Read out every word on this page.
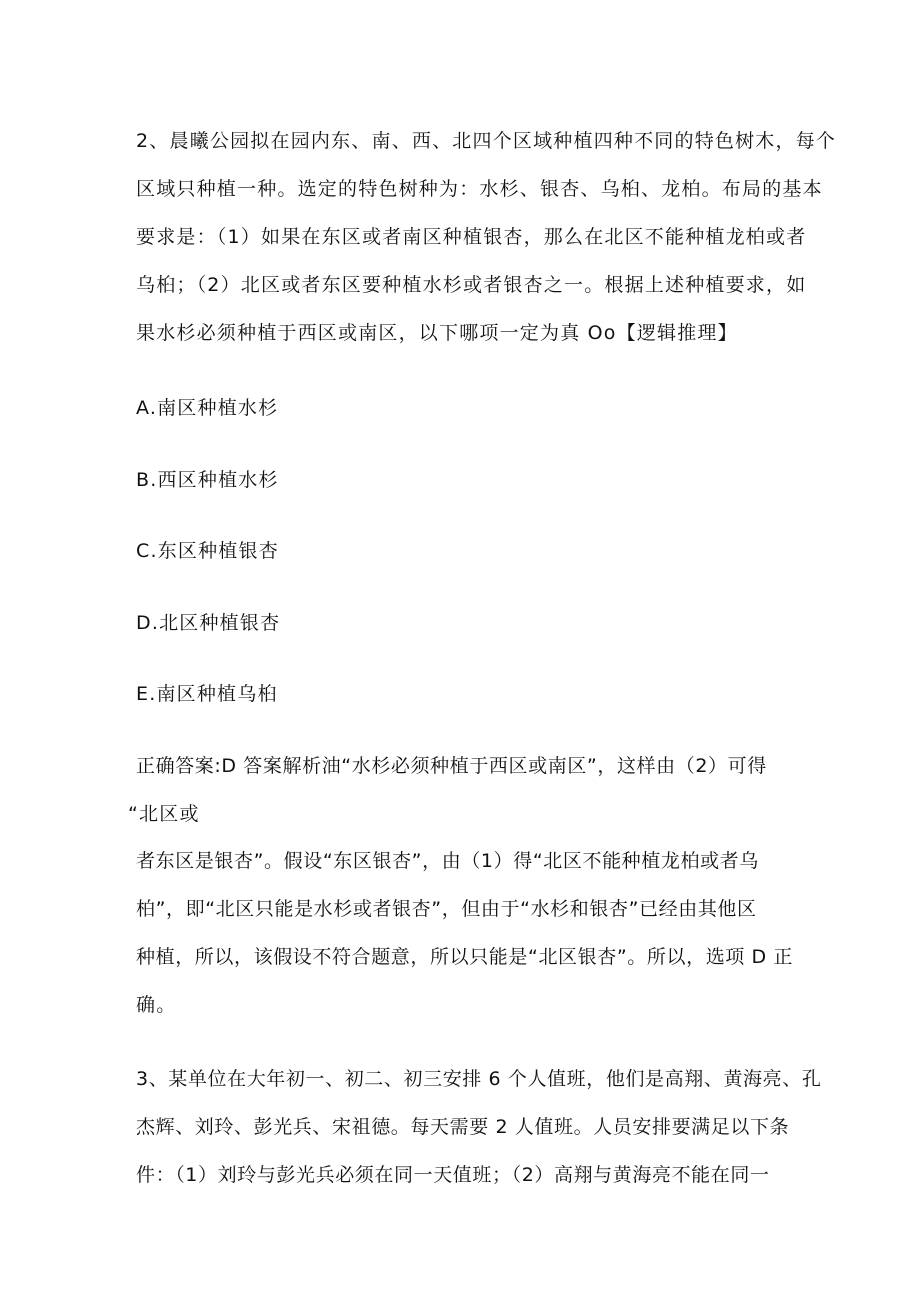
2、晨曦公园拟在园内东、南、西、北四个区域种植四种不同的特色树木，每个
区域只种植一种。选定的特色树种为：水杉、银杏、乌桕、龙柏。布局的基本
要求是：（1）如果在东区或者南区种植银杏，那么在北区不能种植龙柏或者
乌桕；（2）北区或者东区要种植水杉或者银杏之一。根据上述种植要求，如
果水杉必须种植于西区或南区，以下哪项一定为真 Oo【逻辑推理】
A.南区种植水杉
B.西区种植水杉
C.东区种植银杏
D.北区种植银杏
E.南区种植乌桕
正确答案:D 答案解析油“水杉必须种植于西区或南区”，这样由（2）可得
“北区或
者东区是银杏”。假设“东区银杏”，由（1）得“北区不能种植龙柏或者乌
柏”，即“北区只能是水杉或者银杏”，但由于“水杉和银杏”已经由其他区
种植，所以，该假设不符合题意，所以只能是“北区银杏”。所以，选项 D 正
确。
3、某单位在大年初一、初二、初三安排 6 个人值班，他们是高翔、黄海亮、孔
杰辉、刘玲、彭光兵、宋祖德。每天需要 2 人值班。人员安排要满足以下条
件：（1）刘玲与彭光兵必须在同一天值班；（2）高翔与黄海亮不能在同一
